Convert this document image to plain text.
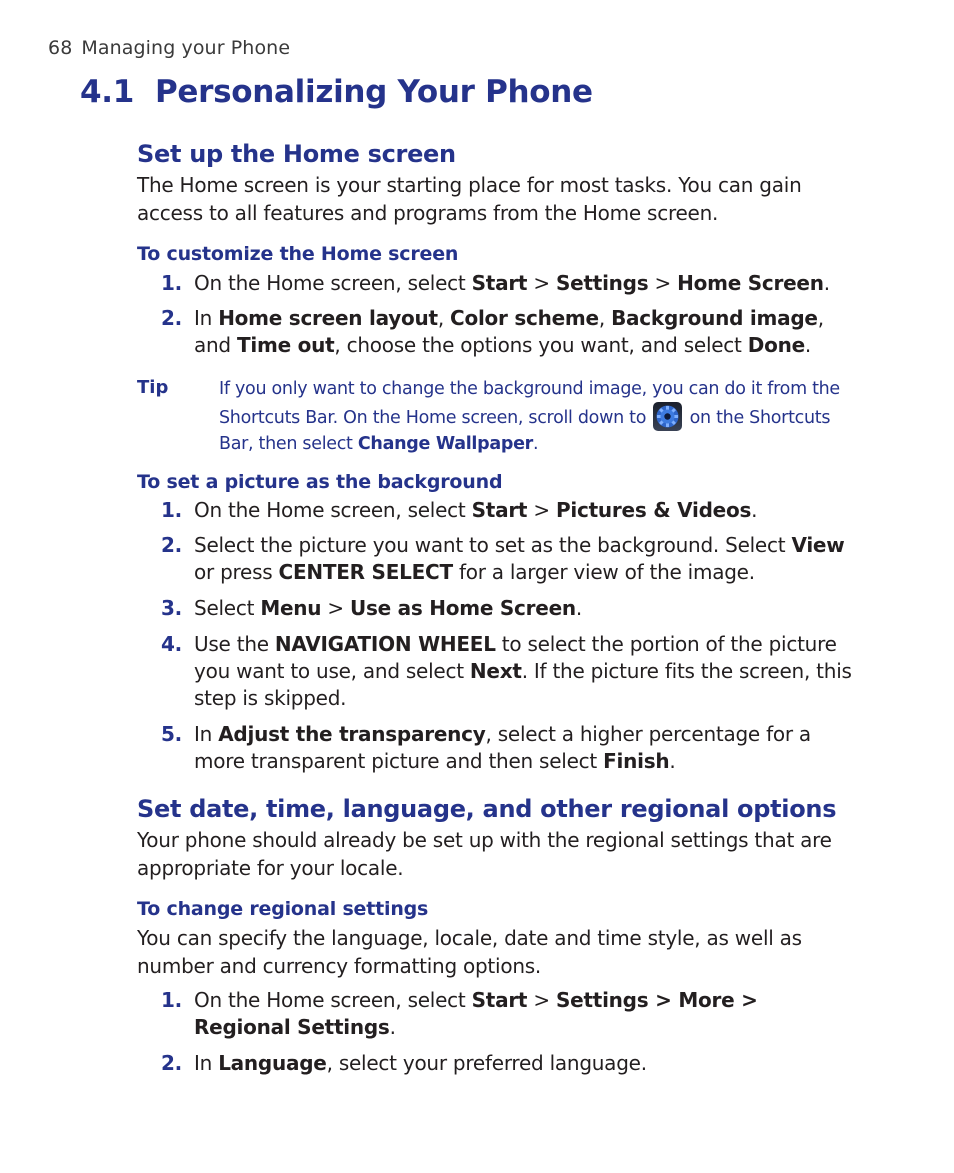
68 Managing your Phone
4.1  Personalizing Your Phone
Set up the Home screen
The Home screen is your starting place for most tasks. You can gain access to all features and programs from the Home screen.
To customize the Home screen
1. On the Home screen, select Start > Settings > Home Screen.
2. In Home screen layout, Color scheme, Background image, and Time out, choose the options you want, and select Done.
Tip	If you only want to change the background image, you can do it from the Shortcuts Bar. On the Home screen, scroll down to
on the Shortcuts Bar, then select Change Wallpaper.
To set a picture as the background
1. On the Home screen, select Start > Pictures & Videos.
2. Select the picture you want to set as the background. Select View or press CENTER SELECT for a larger view of the image.
3. Select Menu > Use as Home Screen.
4. Use the NAVIGATION WHEEL to select the portion of the picture you want to use, and select Next. If the picture fits the screen, this step is skipped.
5. In Adjust the transparency, select a higher percentage for a more transparent picture and then select Finish.
Set date, time, language, and other regional options
Your phone should already be set up with the regional settings that are appropriate for your locale.
To change regional settings
You can specify the language, locale, date and time style, as well as number and currency formatting options.
1. On the Home screen, select Start > Settings > More > Regional Settings.
2. In Language, select your preferred language.
